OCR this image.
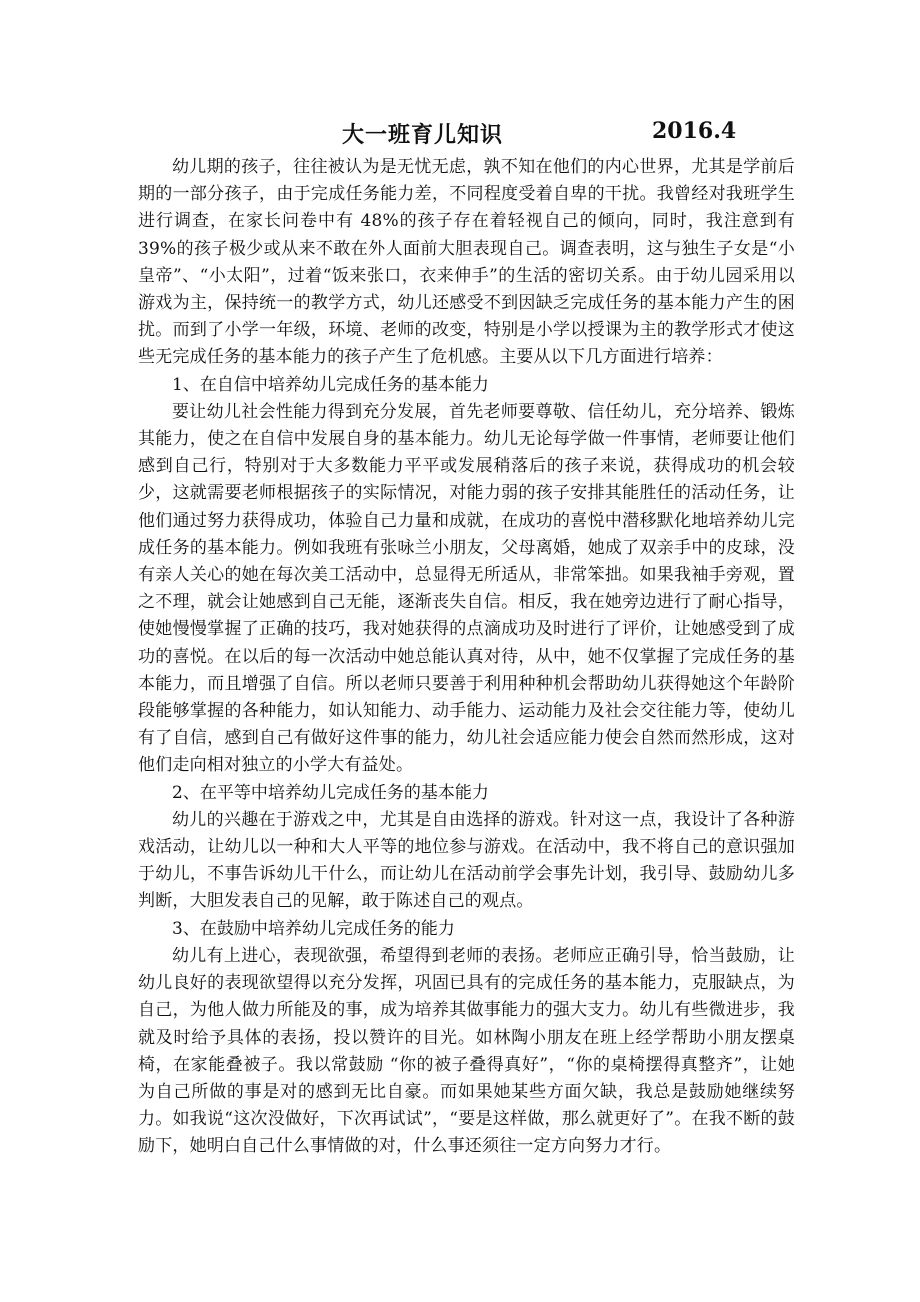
大一班育儿知识	2016.4

幼儿期的孩子，往往被认为是无忧无虑，孰不知在他们的内心世界，尤其是学前后期的一部分孩子，由于完成任务能力差，不同程度受着自卑的干扰。我曾经对我班学生进行调查，在家长问卷中有 48%的孩子存在着轻视自己的倾向，同时，我注意到有 39%的孩子极少或从来不敢在外人面前大胆表现自己。调查表明，这与独生子女是“小皇帝”、“小太阳”，过着“饭来张口，衣来伸手”的生活的密切关系。由于幼儿园采用以游戏为主，保持统一的教学方式，幼儿还感受不到因缺乏完成任务的基本能力产生的困扰。而到了小学一年级，环境、老师的改变，特别是小学以授课为主的教学形式才使这些无完成任务的基本能力的孩子产生了危机感。主要从以下几方面进行培养：

1、在自信中培养幼儿完成任务的基本能力

要让幼儿社会性能力得到充分发展，首先老师要尊敬、信任幼儿，充分培养、锻炼其能力，使之在自信中发展自身的基本能力。幼儿无论每学做一件事情，老师要让他们感到自己行，特别对于大多数能力平平或发展稍落后的孩子来说，获得成功的机会较少，这就需要老师根据孩子的实际情况，对能力弱的孩子安排其能胜任的活动任务，让他们通过努力获得成功，体验自己力量和成就，在成功的喜悦中潜移默化地培养幼儿完成任务的基本能力。例如我班有张咏兰小朋友，父母离婚，她成了双亲手中的皮球，没有亲人关心的她在每次美工活动中，总显得无所适从，非常笨拙。如果我袖手旁观，置之不理，就会让她感到自己无能，逐渐丧失自信。相反，我在她旁边进行了耐心指导，使她慢慢掌握了正确的技巧，我对她获得的点滴成功及时进行了评价，让她感受到了成功的喜悦。在以后的每一次活动中她总能认真对待，从中，她不仅掌握了完成任务的基本能力，而且增强了自信。所以老师只要善于利用种种机会帮助幼儿获得她这个年龄阶段能够掌握的各种能力，如认知能力、动手能力、运动能力及社会交往能力等，使幼儿有了自信，感到自己有做好这件事的能力，幼儿社会适应能力使会自然而然形成，这对他们走向相对独立的小学大有益处。

2、在平等中培养幼儿完成任务的基本能力

幼儿的兴趣在于游戏之中，尤其是自由选择的游戏。针对这一点，我设计了各种游戏活动，让幼儿以一种和大人平等的地位参与游戏。在活动中，我不将自己的意识强加于幼儿，不事告诉幼儿干什么，而让幼儿在活动前学会事先计划，我引导、鼓励幼儿多判断，大胆发表自己的见解，敢于陈述自己的观点。

3、在鼓励中培养幼儿完成任务的能力

幼儿有上进心，表现欲强，希望得到老师的表扬。老师应正确引导，恰当鼓励，让幼儿良好的表现欲望得以充分发挥，巩固已具有的完成任务的基本能力，克服缺点，为自己，为他人做力所能及的事，成为培养其做事能力的强大支力。幼儿有些微进步，我就及时给予具体的表扬，投以赞许的目光。如林陶小朋友在班上经学帮助小朋友摆桌椅，在家能叠被子。我以常鼓励 “你的被子叠得真好”，“你的桌椅摆得真整齐”，让她为自己所做的事是对的感到无比自豪。而如果她某些方面欠缺，我总是鼓励她继续努力。如我说“这次没做好，下次再试试”，“要是这样做，那么就更好了”。在我不断的鼓励下，她明白自己什么事情做的对，什么事还须往一定方向努力才行。
